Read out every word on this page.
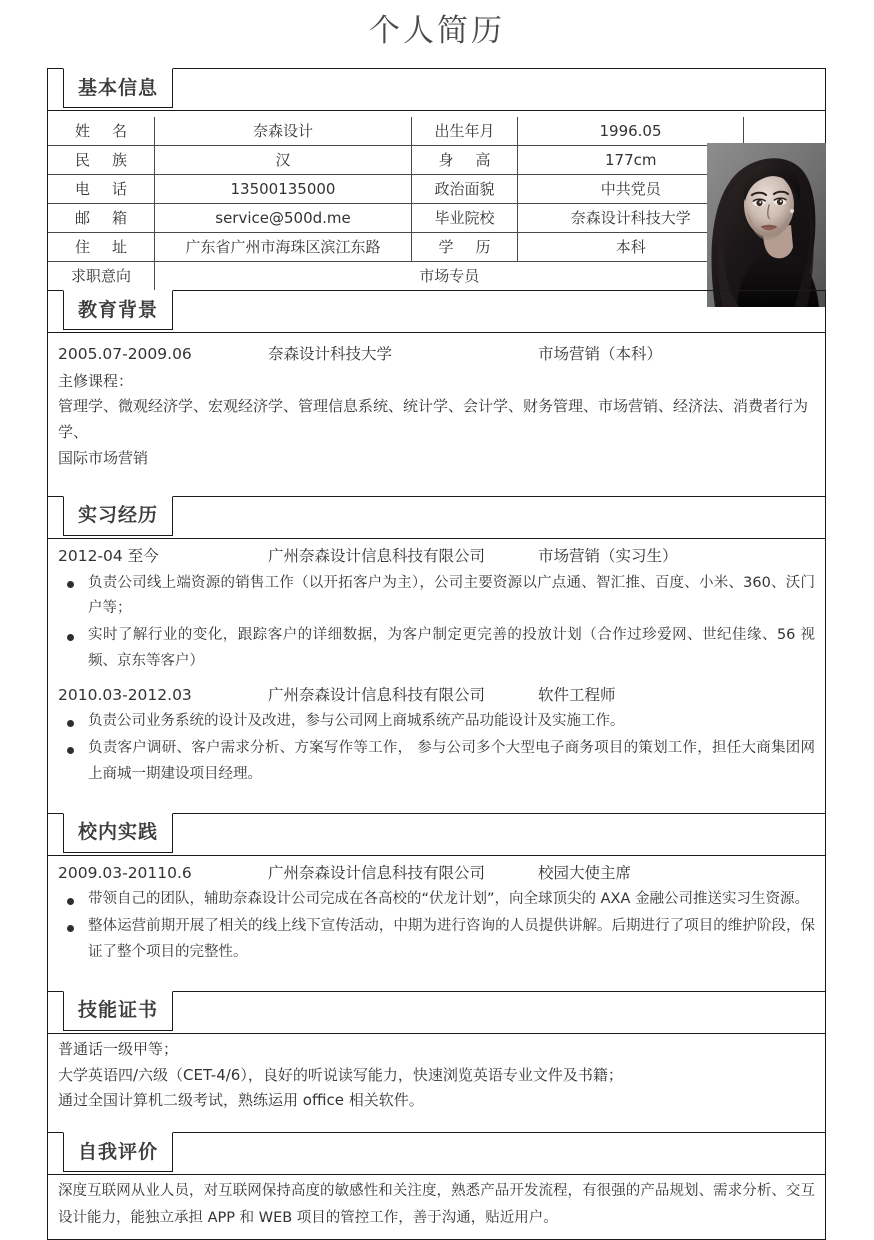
个人简历
基本信息
姓 名	奈森设计	出生年月	1996.05	

民 族	汉	身 高	177cm	

电 话	13500135000	政治面貌	中共党员	

邮 箱	service@500d.me	毕业院校	奈森设计科技大学	

住 址	广东省广州市海珠区滨江东路	学 历	本科	
求职意向	市场专员			
教育背景
2005.07-2009.06	奈森设计科技大学	市场营销（本科）
主修课程：
管理学、微观经济学、宏观经济学、管理信息系统、统计学、会计学、财务管理、市场营销、经济法、消费者行为学、
国际市场营销
实习经历
2012-04 至今	广州奈森设计信息科技有限公司	市场营销（实习生）
负责公司线上端资源的销售工作（以开拓客户为主），公司主要资源以广点通、智汇推、百度、小米、360、沃门户等；
实时了解行业的变化，跟踪客户的详细数据，为客户制定更完善的投放计划（合作过珍爱网、世纪佳缘、56 视频、京东等客户）
2010.03-2012.03	广州奈森设计信息科技有限公司	软件工程师
负责公司业务系统的设计及改进，参与公司网上商城系统产品功能设计及实施工作。
负责客户调研、客户需求分析、方案写作等工作， 参与公司多个大型电子商务项目的策划工作，担任大商集团网上商城一期建设项目经理。
校内实践
2009.03-20110.6	广州奈森设计信息科技有限公司	校园大使主席
带领自己的团队，辅助奈森设计公司完成在各高校的“伏龙计划”，向全球顶尖的 AXA 金融公司推送实习生资源。
整体运营前期开展了相关的线上线下宣传活动，中期为进行咨询的人员提供讲解。后期进行了项目的维护阶段，保证了整个项目的完整性。
技能证书
普通话一级甲等；
大学英语四/六级（CET-4/6），良好的听说读写能力，快速浏览英语专业文件及书籍；
通过全国计算机二级考试，熟练运用 office 相关软件。
自我评价

深度互联网从业人员，对互联网保持高度的敏感性和关注度，熟悉产品开发流程，有很强的产品规划、需求分析、交互设计能力，能独立承担 APP 和 WEB 项目的管控工作，善于沟通，贴近用户。
